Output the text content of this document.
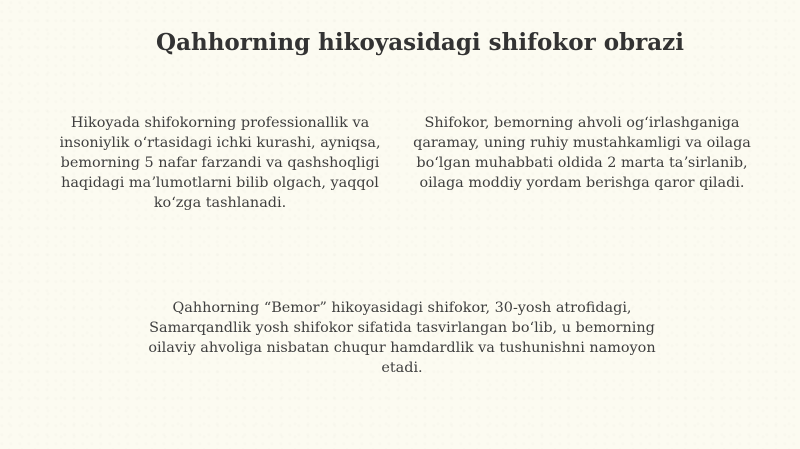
Qahhorning hikoyasidagi shifokor obrazi

Hikoyada shifokorning professionallik va
insoniylik oʻrtasidagi ichki kurashi, ayniqsa,
bemorning 5 nafar farzandi va qashshoqligi
haqidagi maʼlumotlarni bilib olgach, yaqqol
koʻzga tashlanadi.

Shifokor, bemorning ahvoli ogʻirlashganiga
qaramay, uning ruhiy mustahkamligi va oilaga
boʻlgan muhabbati oldida 2 marta taʼsirlanib,
oilaga moddiy yordam berishga qaror qiladi.

Qahhorning “Bemor” hikoyasidagi shifokor, 30-yosh atrofidagi,
Samarqandlik yosh shifokor sifatida tasvirlangan boʻlib, u bemorning
oilaviy ahvoliga nisbatan chuqur hamdardlik va tushunishni namoyon
etadi.
